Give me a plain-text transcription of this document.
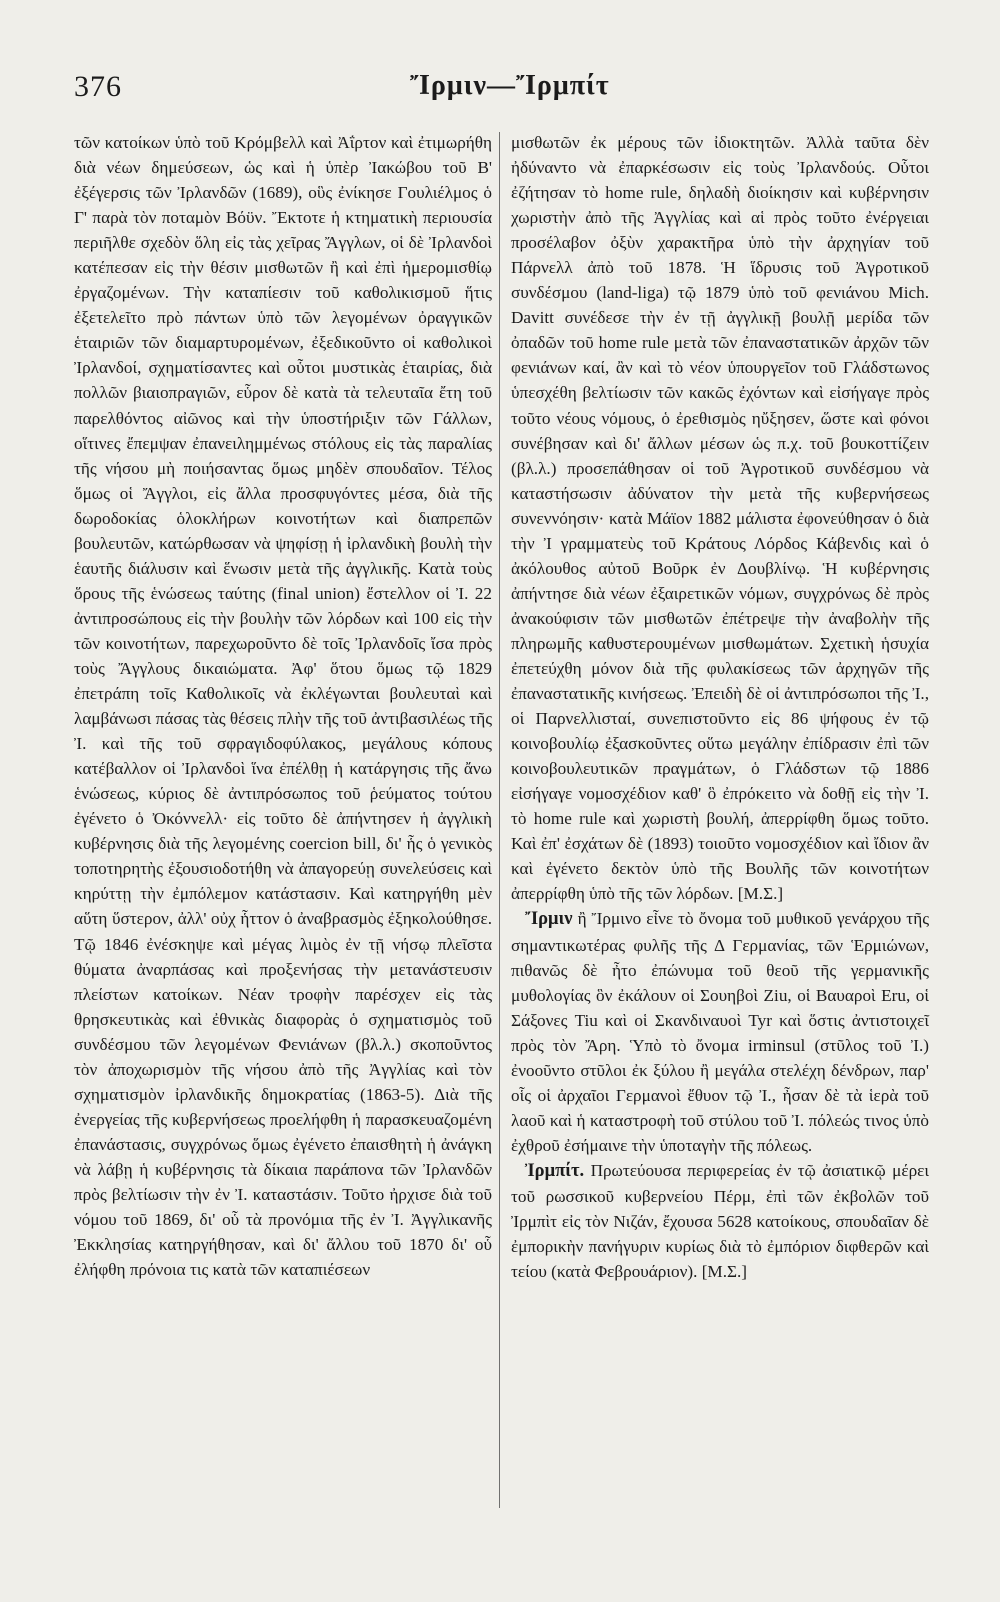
376	Ἴρμιν—Ἴρμπίτ

τῶν κατοίκων ὑπὸ τοῦ Κρόμβελλ καὶ Ἀΐρτον καὶ ἐτιμωρήθη διὰ νέων δημεύσεων, ὡς καὶ ἡ ὑπὲρ Ἰακώβου τοῦ Β' ἐξέγερσις τῶν Ἰρλανδῶν (1689), οὓς ἐνίκησε Γουλιέλμος ὁ Γ' παρὰ τὸν ποταμὸν Βόϋν. Ἔκτοτε ἡ κτηματικὴ περιουσία περιῆλθε σχεδὸν ὅλη εἰς τὰς χεῖρας Ἄγγλων, οἱ δὲ Ἰρλανδοὶ κατέπεσαν εἰς τὴν θέσιν μισθωτῶν ἢ καὶ ἐπὶ ἡμερομισθίῳ ἐργαζομένων. Τὴν καταπίεσιν τοῦ καθολικισμοῦ ἥτις ἐξετελεῖτο πρὸ πάντων ὑπὸ τῶν λεγομένων ὀραγγικῶν ἑταιριῶν τῶν διαμαρτυρομένων, ἐξεδικοῦντο οἱ καθολικοὶ Ἰρλανδοί, σχηματίσαντες καὶ οὗτοι μυστικὰς ἑταιρίας, διὰ πολλῶν βιαιοπραγιῶν, εὗρον δὲ κατὰ τὰ τελευταῖα ἔτη τοῦ παρελθόντος αἰῶνος καὶ τὴν ὑποστήριξιν τῶν Γάλλων, οἵτινες ἔπεμψαν ἐπανειλημμένως στόλους εἰς τὰς παραλίας τῆς νήσου μὴ ποιήσαντας ὅμως μηδὲν σπουδαῖον. Τέλος ὅμως οἱ Ἄγγλοι, εἰς ἄλλα προσφυγόντες μέσα, διὰ τῆς δωροδοκίας ὁλοκλήρων κοινοτήτων καὶ διαπρεπῶν βουλευτῶν, κατώρθωσαν νὰ ψηφίσῃ ἡ ἰρλανδικὴ βουλὴ τὴν ἑαυτῆς διάλυσιν καὶ ἕνωσιν μετὰ τῆς ἀγγλικῆς. Κατὰ τοὺς ὅρους τῆς ἑνώσεως ταύτης (final union) ἔστελλον οἱ Ἰ. 22 ἀντιπροσώπους εἰς τὴν βουλὴν τῶν λόρδων καὶ 100 εἰς τὴν τῶν κοινοτήτων, παρεχωροῦντο δὲ τοῖς Ἰρλανδοῖς ἴσα πρὸς τοὺς Ἄγγλους δικαιώματα. Ἀφ' ὅτου ὅμως τῷ 1829 ἐπετράπη τοῖς Καθολικοῖς νὰ ἐκλέγωνται βουλευταὶ καὶ λαμβάνωσι πάσας τὰς θέσεις πλὴν τῆς τοῦ ἀντιβασιλέως τῆς Ἰ. καὶ τῆς τοῦ σφραγιδοφύλακος, μεγάλους κόπους κατέβαλλον οἱ Ἰρλανδοὶ ἵνα ἐπέλθῃ ἡ κατάργησις τῆς ἄνω ἑνώσεως, κύριος δὲ ἀντιπρόσωπος τοῦ ῥεύματος τούτου ἐγένετο ὁ Ὀκόννελλ· εἰς τοῦτο δὲ ἀπήντησεν ἡ ἀγγλικὴ κυβέρνησις διὰ τῆς λεγομένης coercion bill, δι' ἧς ὁ γενικὸς τοποτηρητὴς ἐξουσιοδοτήθη νὰ ἀπαγορεύῃ συνελεύσεις καὶ κηρύττῃ τὴν ἐμπόλεμον κατάστασιν. Καὶ κατηργήθη μὲν αὕτη ὕστερον, ἀλλ' οὐχ ἧττον ὁ ἀναβρασμὸς ἐξηκολούθησε. Τῷ 1846 ἐνέσκηψε καὶ μέγας λιμὸς ἐν τῇ νήσῳ πλεῖστα θύματα ἀναρπάσας καὶ προξενήσας τὴν μετανάστευσιν πλείστων κατοίκων. Νέαν τροφὴν παρέσχεν εἰς τὰς θρησκευτικὰς καὶ ἐθνικὰς διαφορὰς ὁ σχηματισμὸς τοῦ συνδέσμου τῶν λεγομένων Φενιάνων (βλ.λ.) σκοποῦντος τὸν ἀποχωρισμὸν τῆς νήσου ἀπὸ τῆς Ἀγγλίας καὶ τὸν σχηματισμὸν ἰρλανδικῆς δημοκρατίας (1863-5). Διὰ τῆς ἐνεργείας τῆς κυβερνήσεως προελήφθη ἡ παρασκευαζομένη ἐπανάστασις, συγχρόνως ὅμως ἐγένετο ἐπαισθητὴ ἡ ἀνάγκη νὰ λάβῃ ἡ κυβέρνησις τὰ δίκαια παράπονα τῶν Ἰρλανδῶν πρὸς βελτίωσιν τὴν ἐν Ἰ. καταστάσιν. Τοῦτο ἠρχισε διὰ τοῦ νόμου τοῦ 1869, δι' οὗ τὰ προνόμια τῆς ἐν Ἰ. Ἀγγλικανῆς Ἐκκλησίας κατηργήθησαν, καὶ δι' ἄλλου τοῦ 1870 δι' οὗ ἐλήφθη πρόνοια τις κατὰ τῶν καταπιέσεων

μισθωτῶν ἐκ μέρους τῶν ἰδιοκτητῶν. Ἀλλὰ ταῦτα δὲν ἠδύναντο νὰ ἐπαρκέσωσιν εἰς τοὺς Ἰρλανδούς. Οὗτοι ἐζήτησαν τὸ home rule, δηλαδὴ διοίκησιν καὶ κυβέρνησιν χωριστὴν ἀπὸ τῆς Ἀγγλίας καὶ αἱ πρὸς τοῦτο ἐνέργειαι προσέλαβον ὀξὺν χαρακτῆρα ὑπὸ τὴν ἀρχηγίαν τοῦ Πάρνελλ ἀπὸ τοῦ 1878. Ἡ ἵδρυσις τοῦ Ἀγροτικοῦ συνδέσμου (land-liga) τῷ 1879 ὑπὸ τοῦ φενιάνου Mich. Davitt συνέδεσε τὴν ἐν τῇ ἀγγλικῇ βουλῇ μερίδα τῶν ὀπαδῶν τοῦ home rule μετὰ τῶν ἐπαναστατικῶν ἀρχῶν τῶν φενιάνων καί, ἂν καὶ τὸ νέον ὑπουργεῖον τοῦ Γλάδστωνος ὑπεσχέθη βελτίωσιν τῶν κακῶς ἐχόντων καὶ εἰσήγαγε πρὸς τοῦτο νέους νόμους, ὁ ἐρεθισμὸς ηὔξησεν, ὥστε καὶ φόνοι συνέβησαν καὶ δι' ἄλλων μέσων ὡς π.χ. τοῦ βουκοττίζειν (βλ.λ.) προσεπάθησαν οἱ τοῦ Ἀγροτικοῦ συνδέσμου νὰ καταστήσωσιν ἀδύνατον τὴν μετὰ τῆς κυβερνήσεως συνεννόησιν· κατὰ Μάϊον 1882 μάλιστα ἐφονεύθησαν ὁ διὰ τὴν Ἰ γραμματεὺς τοῦ Κράτους Λόρδος Κάβενδις καὶ ὁ ἀκόλουθος αὐτοῦ Βοῦρκ ἐν Δουβλίνῳ. Ἡ κυβέρνησις ἀπήντησε διὰ νέων ἐξαιρετικῶν νόμων, συγχρόνως δὲ πρὸς ἀνακούφισιν τῶν μισθωτῶν ἐπέτρεψε τὴν ἀναβολὴν τῆς πληρωμῆς καθυστερουμένων μισθωμάτων. Σχετικὴ ἡσυχία ἐπετεύχθη μόνον διὰ τῆς φυλακίσεως τῶν ἀρχηγῶν τῆς ἐπαναστατικῆς κινήσεως. Ἐπειδὴ δὲ οἱ ἀντιπρόσωποι τῆς Ἰ., οἱ Παρνελλισταί, συνεπιστοῦντο εἰς 86 ψήφους ἐν τῷ κοινοβουλίῳ ἐξασκοῦντες οὕτω μεγάλην ἐπίδρασιν ἐπὶ τῶν κοινοβουλευτικῶν πραγμάτων, ὁ Γλάδστων τῷ 1886 εἰσήγαγε νομοσχέδιον καθ' ὃ ἐπρόκειτο νὰ δοθῇ εἰς τὴν Ἰ. τὸ home rule καὶ χωριστὴ βουλή, ἀπερρίφθη ὅμως τοῦτο. Καὶ ἐπ' ἐσχάτων δὲ (1893) τοιοῦτο νομοσχέδιον καὶ ἴδιον ἂν καὶ ἐγένετο δεκτὸν ὑπὸ τῆς Βουλῆς τῶν κοινοτήτων ἀπερρίφθη ὑπὸ τῆς τῶν λόρδων. [Μ.Σ.]

Ἴρμιν ἢ Ἴρμινο εἶνε τὸ ὄνομα τοῦ μυθικοῦ γενάρχου τῆς σημαντικωτέρας φυλῆς τῆς Δ Γερμανίας, τῶν Ἑρμιώνων, πιθανῶς δὲ ἦτο ἐπώνυμα τοῦ θεοῦ τῆς γερμανικῆς μυθολογίας ὃν ἐκάλουν οἱ Σουηβοὶ Ziu, οἱ Βαυαροὶ Eru, οἱ Σάξονες Tiu καὶ οἱ Σκανδιναυοὶ Tyr καὶ ὅστις ἀντιστοιχεῖ πρὸς τὸν Ἄρη. Ὑπὸ τὸ ὄνομα irminsul (στῦλος τοῦ Ἰ.) ἐνοοῦντο στῦλοι ἐκ ξύλου ἢ μεγάλα στελέχη δένδρων, παρ' οἷς οἱ ἀρχαῖοι Γερμανοὶ ἔθυον τῷ Ἰ., ἦσαν δὲ τὰ ἱερὰ τοῦ λαοῦ καὶ ἡ καταστροφὴ τοῦ στύλου τοῦ Ἰ. πόλεώς τινος ὑπὸ ἐχθροῦ ἐσήμαινε τὴν ὑποταγὴν τῆς πόλεως.

Ἰρμπίτ. Πρωτεύουσα περιφερείας ἐν τῷ ἀσιατικῷ μέρει τοῦ ρωσσικοῦ κυβερνείου Πέρμ, ἐπὶ τῶν ἐκβολῶν τοῦ Ἰρμπὶτ εἰς τὸν Νιζάν, ἔχουσα 5628 κατοίκους, σπουδαῖαν δὲ ἐμπορικὴν πανήγυριν κυρίως διὰ τὸ ἐμπόριον διφθερῶν καὶ τείου (κατὰ Φεβρουάριον). [Μ.Σ.]
